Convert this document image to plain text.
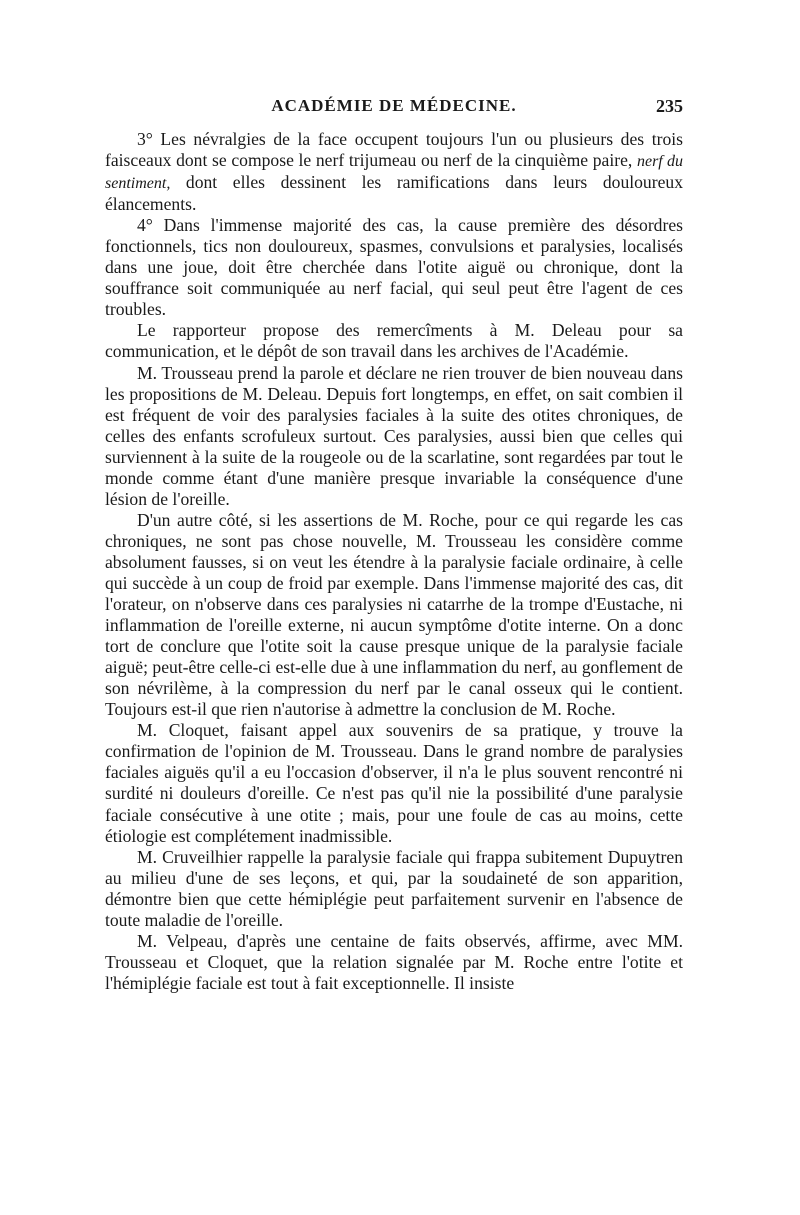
ACADÉMIE DE MÉDECINE.	235

3° Les névralgies de la face occupent toujours l'un ou plusieurs des trois faisceaux dont se compose le nerf trijumeau ou nerf de la cinquième paire, nerf du sentiment, dont elles dessinent les ramifications dans leurs douloureux élancements.

4° Dans l'immense majorité des cas, la cause première des désordres fonctionnels, tics non douloureux, spasmes, convulsions et paralysies, localisés dans une joue, doit être cherchée dans l'otite aiguë ou chronique, dont la souffrance soit communiquée au nerf facial, qui seul peut être l'agent de ces troubles.

Le rapporteur propose des remercîments à M. Deleau pour sa communication, et le dépôt de son travail dans les archives de l'Académie.

M. Trousseau prend la parole et déclare ne rien trouver de bien nouveau dans les propositions de M. Deleau. Depuis fort longtemps, en effet, on sait combien il est fréquent de voir des paralysies faciales à la suite des otites chroniques, de celles des enfants scrofuleux surtout. Ces paralysies, aussi bien que celles qui surviennent à la suite de la rougeole ou de la scarlatine, sont regardées par tout le monde comme étant d'une manière presque invariable la conséquence d'une lésion de l'oreille.

D'un autre côté, si les assertions de M. Roche, pour ce qui regarde les cas chroniques, ne sont pas chose nouvelle, M. Trousseau les considère comme absolument fausses, si on veut les étendre à la paralysie faciale ordinaire, à celle qui succède à un coup de froid par exemple. Dans l'immense majorité des cas, dit l'orateur, on n'observe dans ces paralysies ni catarrhe de la trompe d'Eustache, ni inflammation de l'oreille externe, ni aucun symptôme d'otite interne. On a donc tort de conclure que l'otite soit la cause presque unique de la paralysie faciale aiguë; peut-être celle-ci est-elle due à une inflammation du nerf, au gonflement de son névrilème, à la compression du nerf par le canal osseux qui le contient. Toujours est-il que rien n'autorise à admettre la conclusion de M. Roche.

M. Cloquet, faisant appel aux souvenirs de sa pratique, y trouve la confirmation de l'opinion de M. Trousseau. Dans le grand nombre de paralysies faciales aiguës qu'il a eu l'occasion d'observer, il n'a le plus souvent rencontré ni surdité ni douleurs d'oreille. Ce n'est pas qu'il nie la possibilité d'une paralysie faciale consécutive à une otite ; mais, pour une foule de cas au moins, cette étiologie est complétement inadmissible.

M. Cruveilhier rappelle la paralysie faciale qui frappa subitement Dupuytren au milieu d'une de ses leçons, et qui, par la soudaineté de son apparition, démontre bien que cette hémiplégie peut parfaitement survenir en l'absence de toute maladie de l'oreille.

M. Velpeau, d'après une centaine de faits observés, affirme, avec MM. Trousseau et Cloquet, que la relation signalée par M. Roche entre l'otite et l'hémiplégie faciale est tout à fait exceptionnelle. Il insiste
